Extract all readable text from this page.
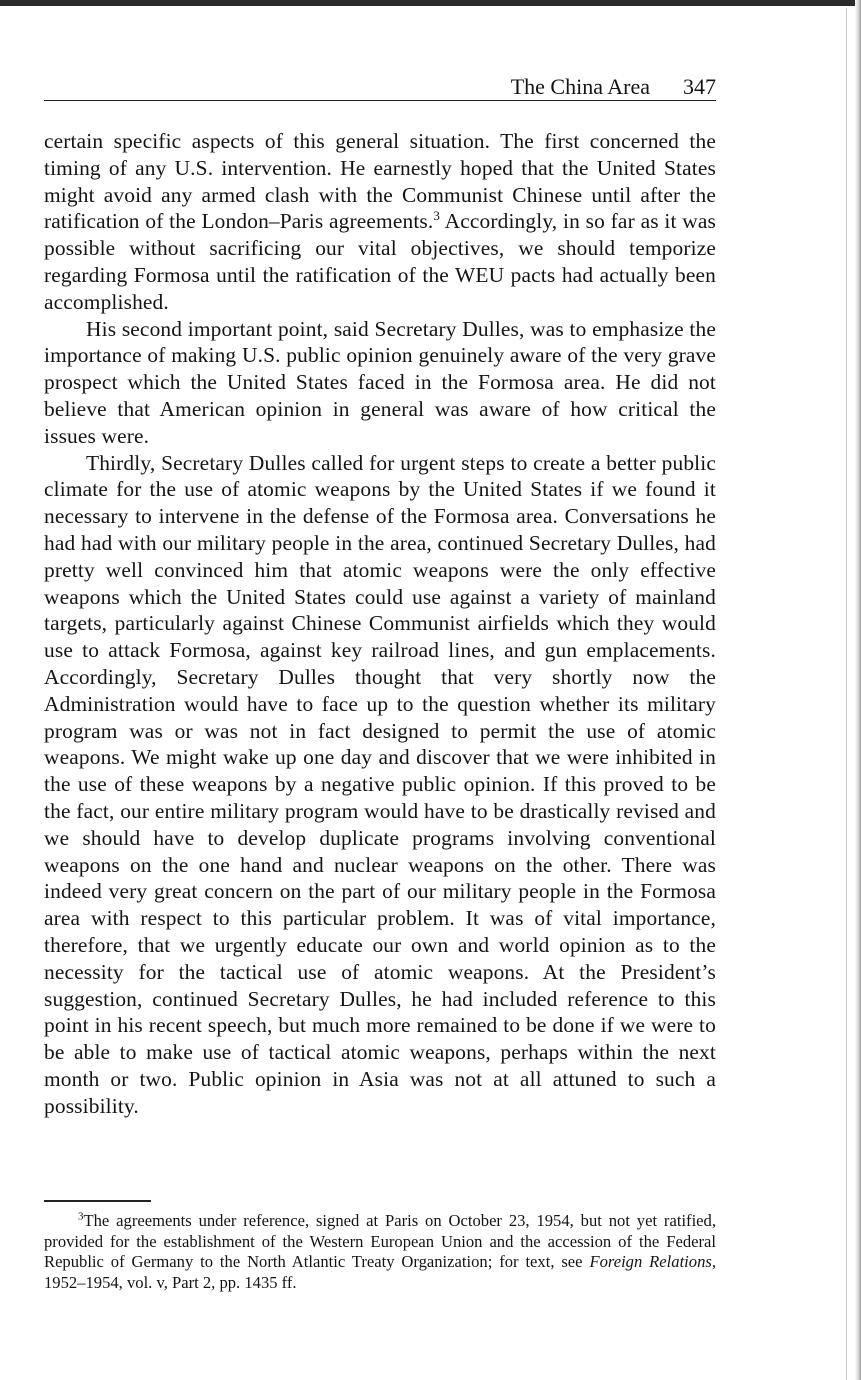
The China Area 347

certain specific aspects of this general situation. The first concerned the timing of any U.S. intervention. He earnestly hoped that the United States might avoid any armed clash with the Communist Chinese until after the ratification of the London–Paris agreements.$^3$ Accordingly, in so far as it was possible without sacrificing our vital objectives, we should temporize regarding Formosa until the ratification of the WEU pacts had actually been accomplished.

His second important point, said Secretary Dulles, was to emphasize the importance of making U.S. public opinion genuinely aware of the very grave prospect which the United States faced in the Formosa area. He did not believe that American opinion in general was aware of how critical the issues were.

Thirdly, Secretary Dulles called for urgent steps to create a better public climate for the use of atomic weapons by the United States if we found it necessary to intervene in the defense of the Formosa area. Conversations he had had with our military people in the area, continued Secretary Dulles, had pretty well convinced him that atomic weapons were the only effective weapons which the United States could use against a variety of mainland targets, particularly against Chinese Communist airfields which they would use to attack Formosa, against key railroad lines, and gun emplacements. Accordingly, Secretary Dulles thought that very shortly now the Administration would have to face up to the question whether its military program was or was not in fact designed to permit the use of atomic weapons. We might wake up one day and discover that we were inhibited in the use of these weapons by a negative public opinion. If this proved to be the fact, our entire military program would have to be drastically revised and we should have to develop duplicate programs involving conventional weapons on the one hand and nuclear weapons on the other. There was indeed very great concern on the part of our military people in the Formosa area with respect to this particular problem. It was of vital importance, therefore, that we urgently educate our own and world opinion as to the necessity for the tactical use of atomic weapons. At the President’s suggestion, continued Secretary Dulles, he had included reference to this point in his recent speech, but much more remained to be done if we were to be able to make use of tactical atomic weapons, perhaps within the next month or two. Public opinion in Asia was not at all attuned to such a possibility.

$^3$The agreements under reference, signed at Paris on October 23, 1954, but not yet ratified, provided for the establishment of the Western European Union and the accession of the Federal Republic of Germany to the North Atlantic Treaty Organization; for text, see Foreign Relations, 1952–1954, vol. v, Part 2, pp. 1435 ff.
